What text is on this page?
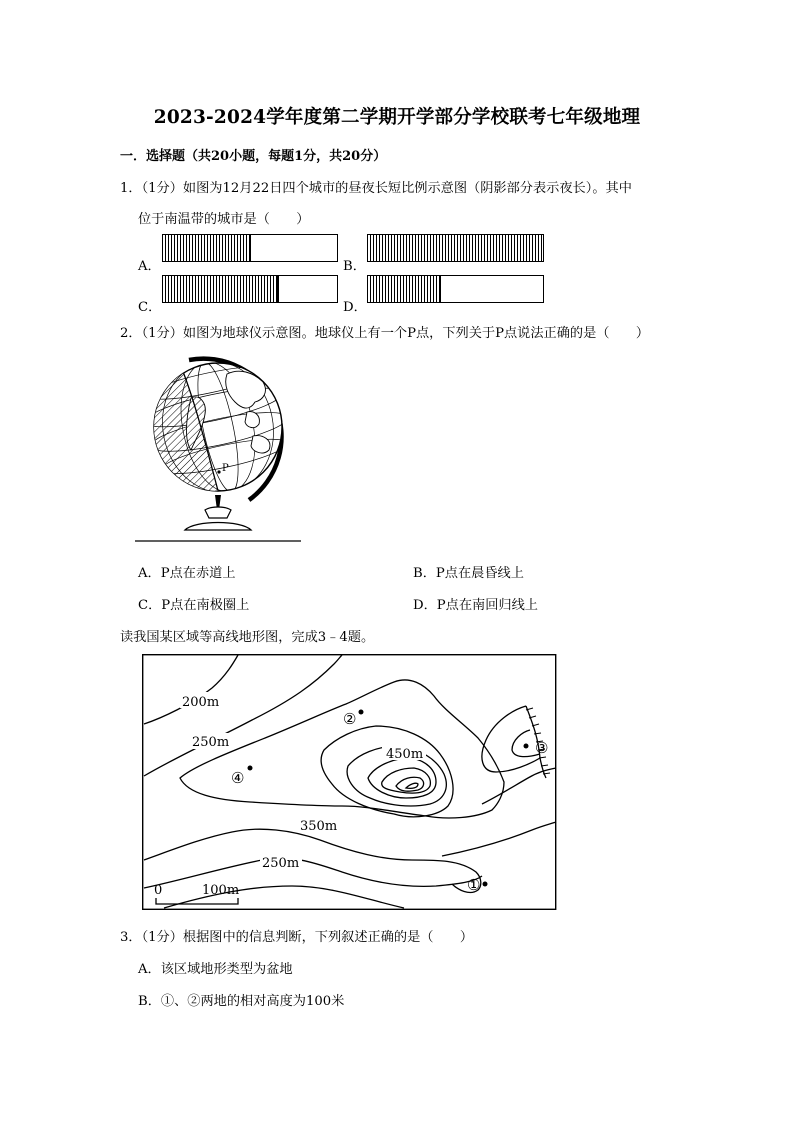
2023-2024学年度第二学期开学部分学校联考七年级地理
一．选择题（共20小题，每题1分，共20分）
1．（1分）如图为12月22日四个城市的昼夜长短比例示意图（阴影部分表示夜长）。其中
位于南温带的城市是（　　）
A．	B．
C．	D．
2．（1分）如图为地球仪示意图。地球仪上有一个P点，下列关于P点说法正确的是（　　）
P
A．P点在赤道上	B．P点在晨昏线上
C．P点在南极圈上	D．P点在南回归线上
读我国某区域等高线地形图，完成3﹣4题。
②
④
③
①
200m
250m
450m
350m
250m
0	100m
3．（1分）根据图中的信息判断，下列叙述正确的是（　　）
A．该区域地形类型为盆地
B．①、②两地的相对高度为100米
